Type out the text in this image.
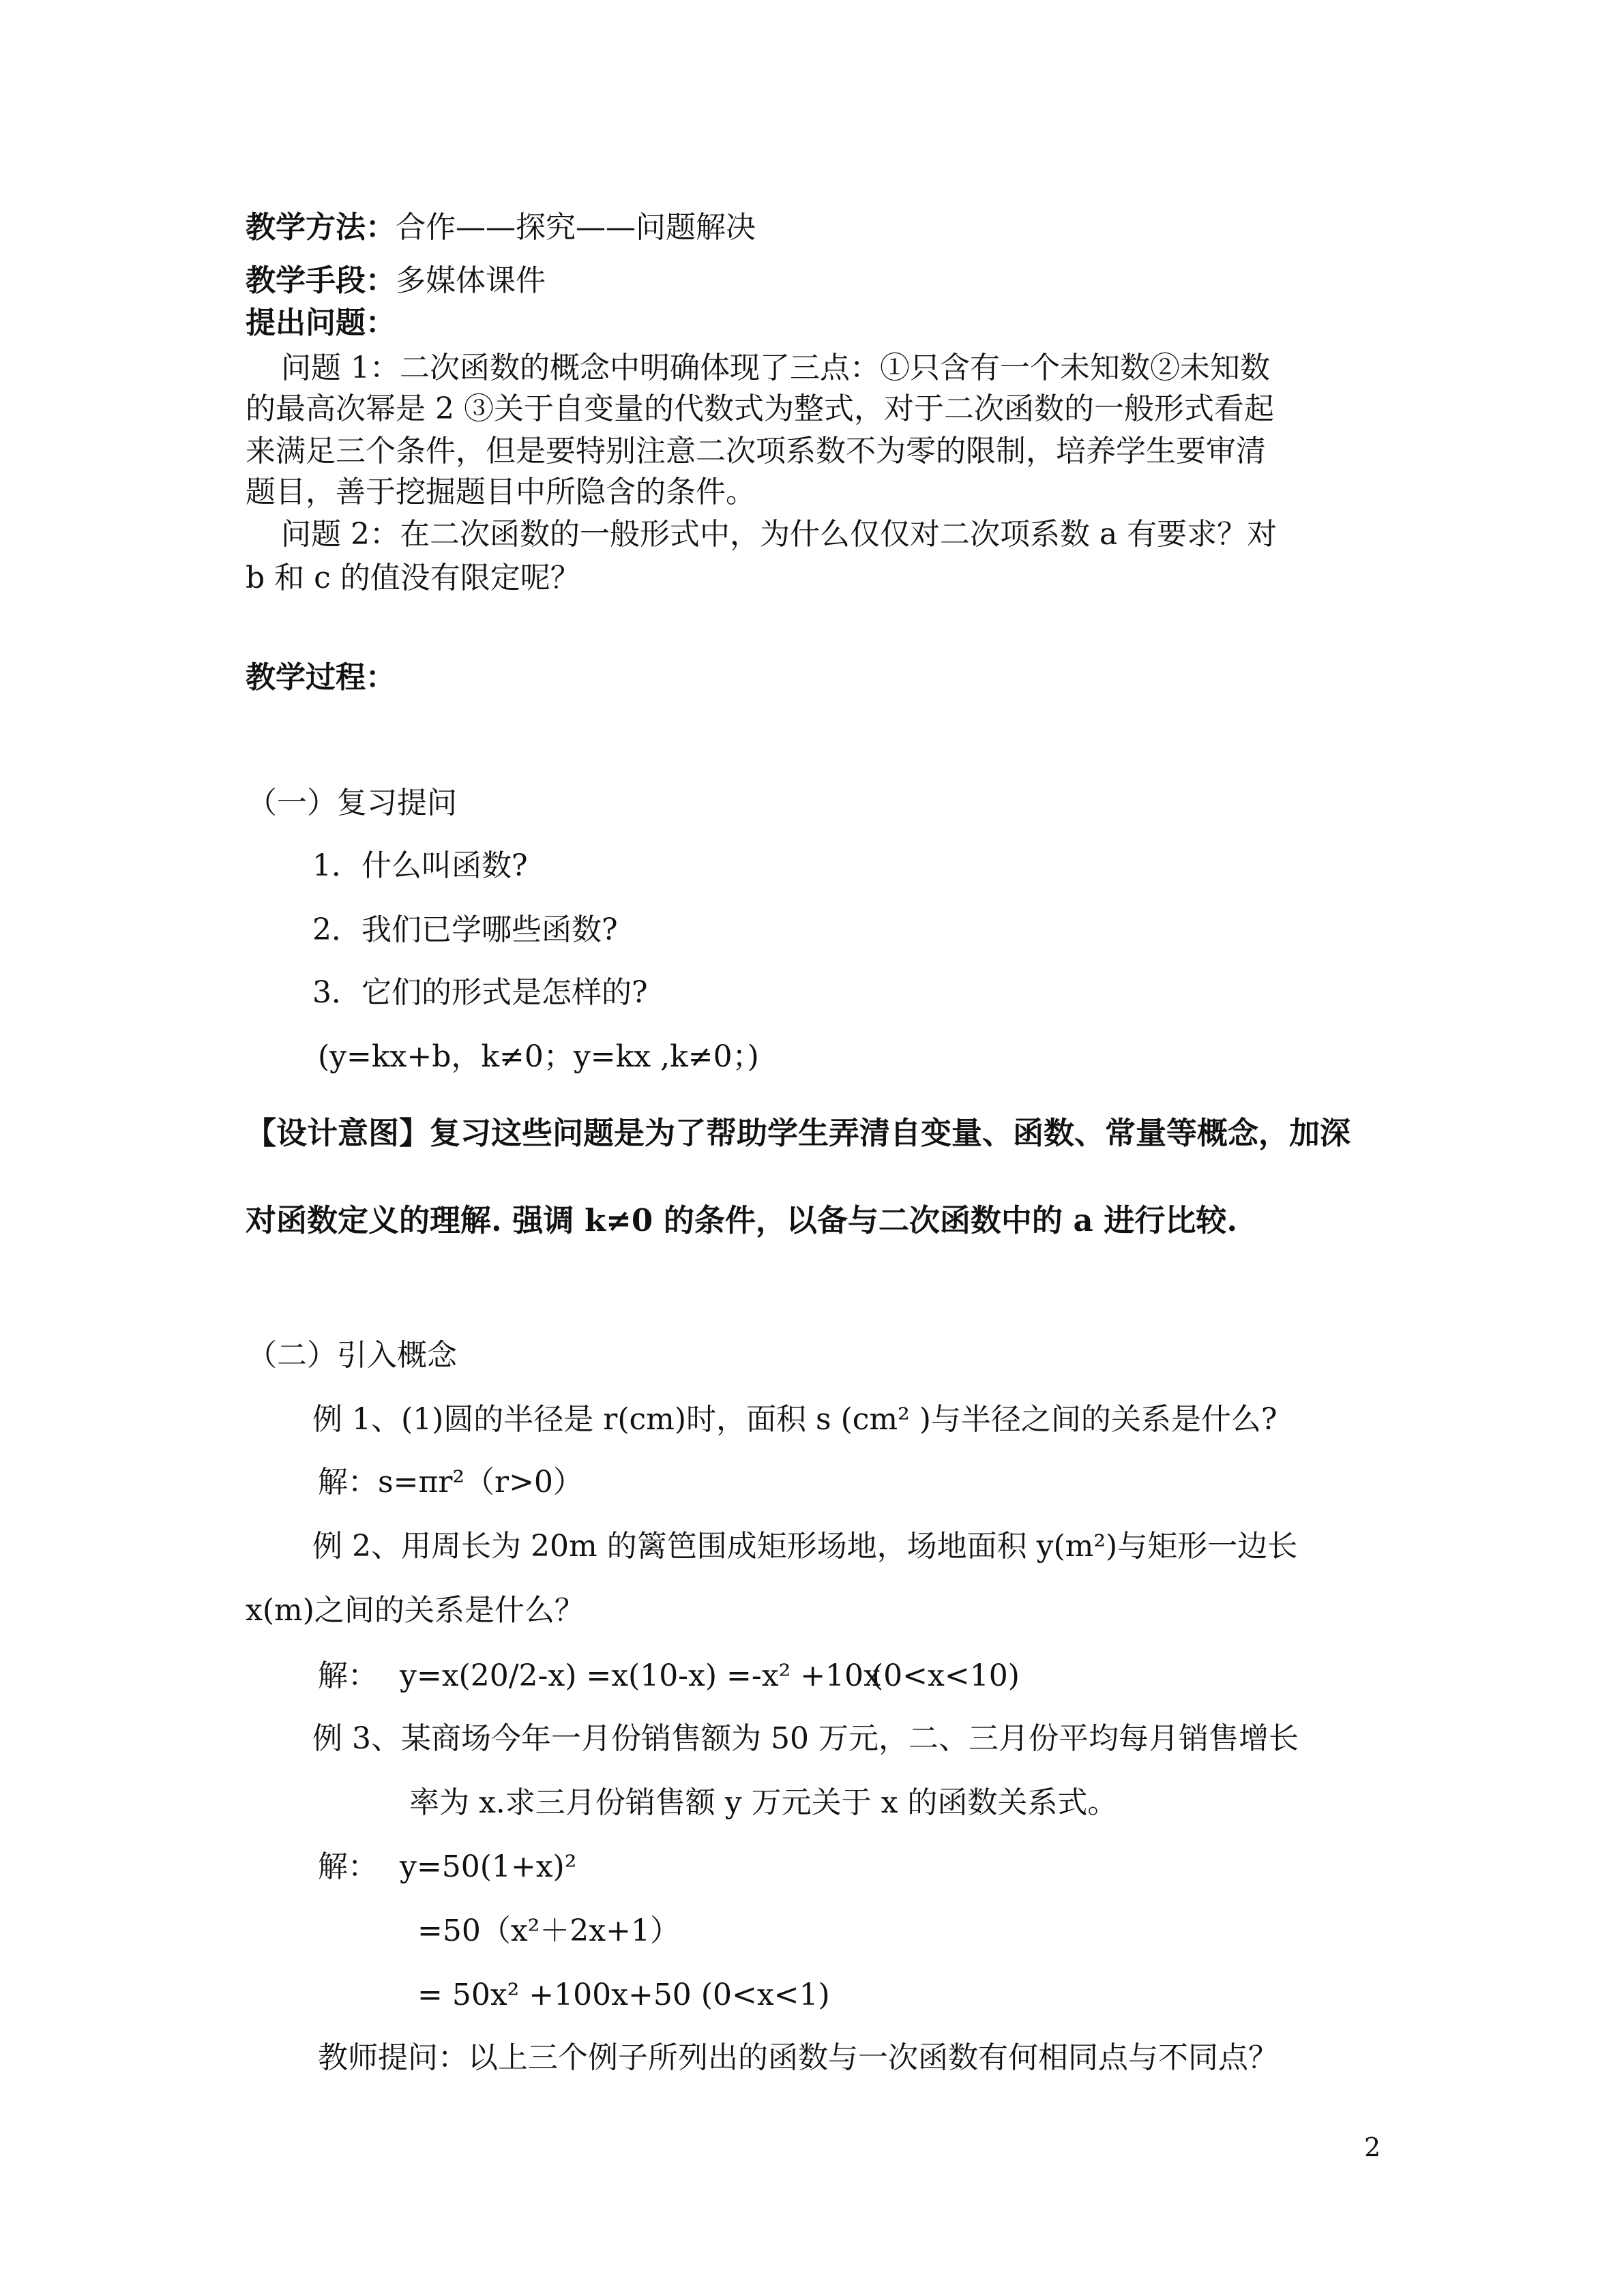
教学方法：合作——探究——问题解决
教学手段：多媒体课件
提出问题：
问题 1：二次函数的概念中明确体现了三点：①只含有一个未知数②未知数
的最高次幂是 2 ③关于自变量的代数式为整式，对于二次函数的一般形式看起
来满足三个条件，但是要特别注意二次项系数不为零的限制，培养学生要审清
题目，善于挖掘题目中所隐含的条件。
问题 2：在二次函数的一般形式中，为什么仅仅对二次项系数 a 有要求？对
b 和 c 的值没有限定呢？
教学过程：
（一）复习提问
1．什么叫函数?
2．我们已学哪些函数?
3．它们的形式是怎样的?
(y=kx+b，k≠0；y=kx ,k≠0；)
【设计意图】复习这些问题是为了帮助学生弄清自变量、函数、常量等概念，加深
对函数定义的理解. 强调 k≠0 的条件，以备与二次函数中的 a 进行比较.
（二）引入概念
例 1、(1)圆的半径是 r(cm)时，面积 s (cm² )与半径之间的关系是什么?
解：s=πr²（r>0）
例 2、用周长为 20m 的篱笆围成矩形场地，场地面积 y(m²)与矩形一边长
x(m)之间的关系是什么？
解： y=x(20/2-x) =x(10-x) =-x² +10x
(0<x<10)
例 3、某商场今年一月份销售额为 50 万元，二、三月份平均每月销售增长
率为 x.求三月份销售额 y 万元关于 x 的函数关系式。
解： y=50(1+x)²
=50（x²＋2x+1）
= 50x² +100x+50 (0<x<1)
教师提问：以上三个例子所列出的函数与一次函数有何相同点与不同点？
2
